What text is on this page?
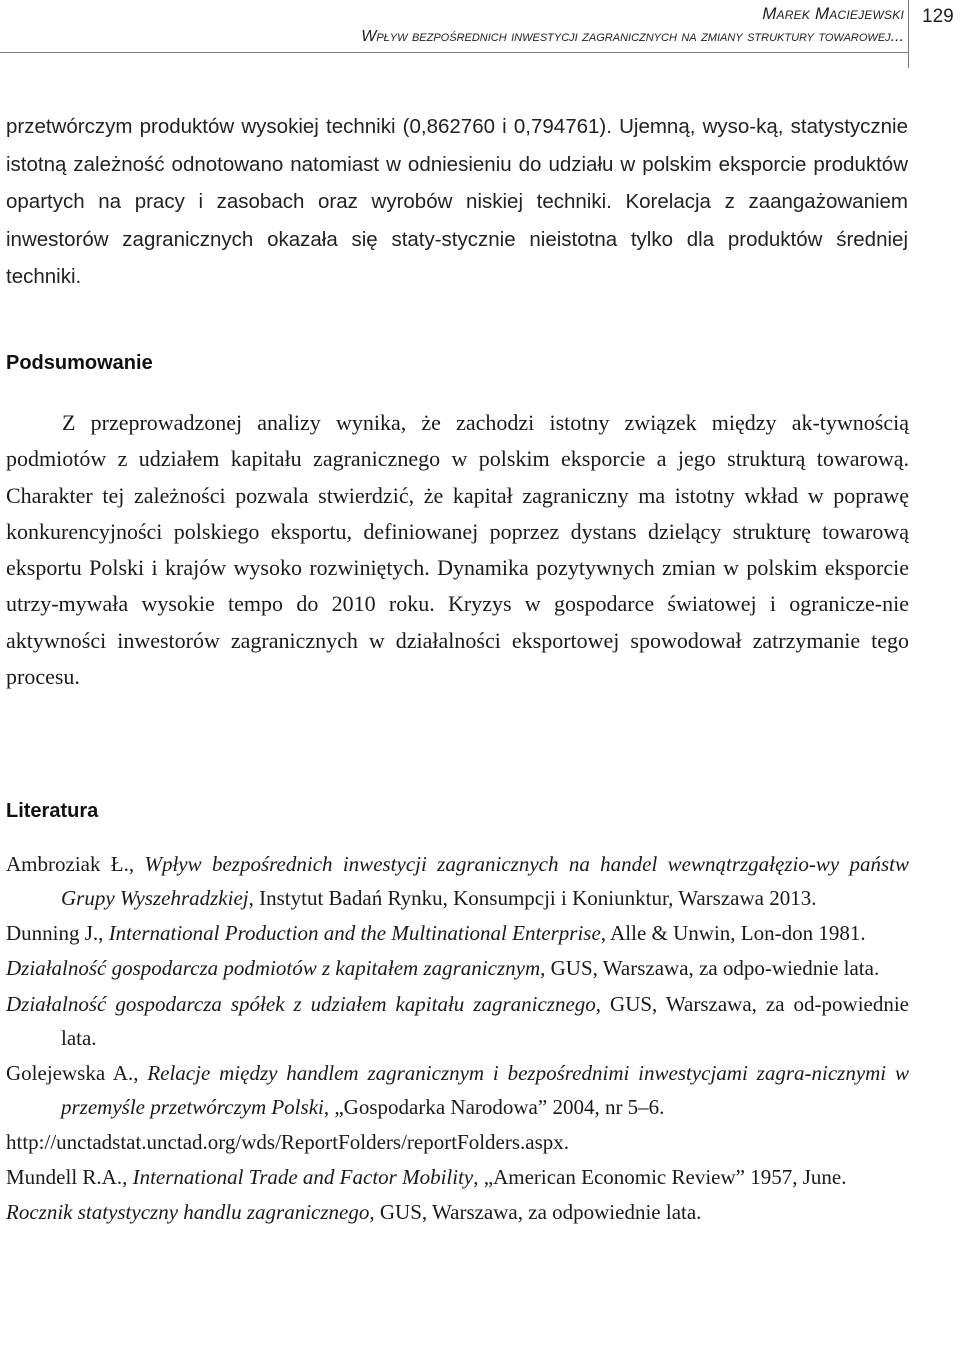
Marek Maciejewski
Wpływ bezpośrednich inwestycji zagranicznych na zmiany struktury towarowej...
129

przetwórczym produktów wysokiej techniki (0,862760 i 0,794761). Ujemną, wyso-ką, statystycznie istotną zależność odnotowano natomiast w odniesieniu do udziału w polskim eksporcie produktów opartych na pracy i zasobach oraz wyrobów niskiej techniki. Korelacja z zaangażowaniem inwestorów zagranicznych okazała się staty-stycznie nieistotna tylko dla produktów średniej techniki.

Podsumowanie

Z przeprowadzonej analizy wynika, że zachodzi istotny związek między ak-tywnością podmiotów z udziałem kapitału zagranicznego w polskim eksporcie a jego strukturą towarową. Charakter tej zależności pozwala stwierdzić, że kapitał zagraniczny ma istotny wkład w poprawę konkurencyjności polskiego eksportu, definiowanej poprzez dystans dzielący strukturę towarową eksportu Polski i krajów wysoko rozwiniętych. Dynamika pozytywnych zmian w polskim eksporcie utrzy-mywała wysokie tempo do 2010 roku. Kryzys w gospodarce światowej i ogranicze-nie aktywności inwestorów zagranicznych w działalności eksportowej spowodował zatrzymanie tego procesu.

Literatura

Ambroziak Ł., Wpływ bezpośrednich inwestycji zagranicznych na handel wewnątrzgałęzio-wy państw Grupy Wyszehradzkiej, Instytut Badań Rynku, Konsumpcji i Koniunktur, Warszawa 2013.

Dunning J., International Production and the Multinational Enterprise, Alle & Unwin, Lon-don 1981.

Działalność gospodarcza podmiotów z kapitałem zagranicznym, GUS, Warszawa, za odpo-wiednie lata.

Działalność gospodarcza spółek z udziałem kapitału zagranicznego, GUS, Warszawa, za od-powiednie lata.

Golejewska A., Relacje między handlem zagranicznym i bezpośrednimi inwestycjami zagra-nicznymi w przemyśle przetwórczym Polski, „Gospodarka Narodowa” 2004, nr 5–6.

http://unctadstat.unctad.org/wds/ReportFolders/reportFolders.aspx.

Mundell R.A., International Trade and Factor Mobility, „American Economic Review” 1957, June.

Rocznik statystyczny handlu zagranicznego, GUS, Warszawa, za odpowiednie lata.
